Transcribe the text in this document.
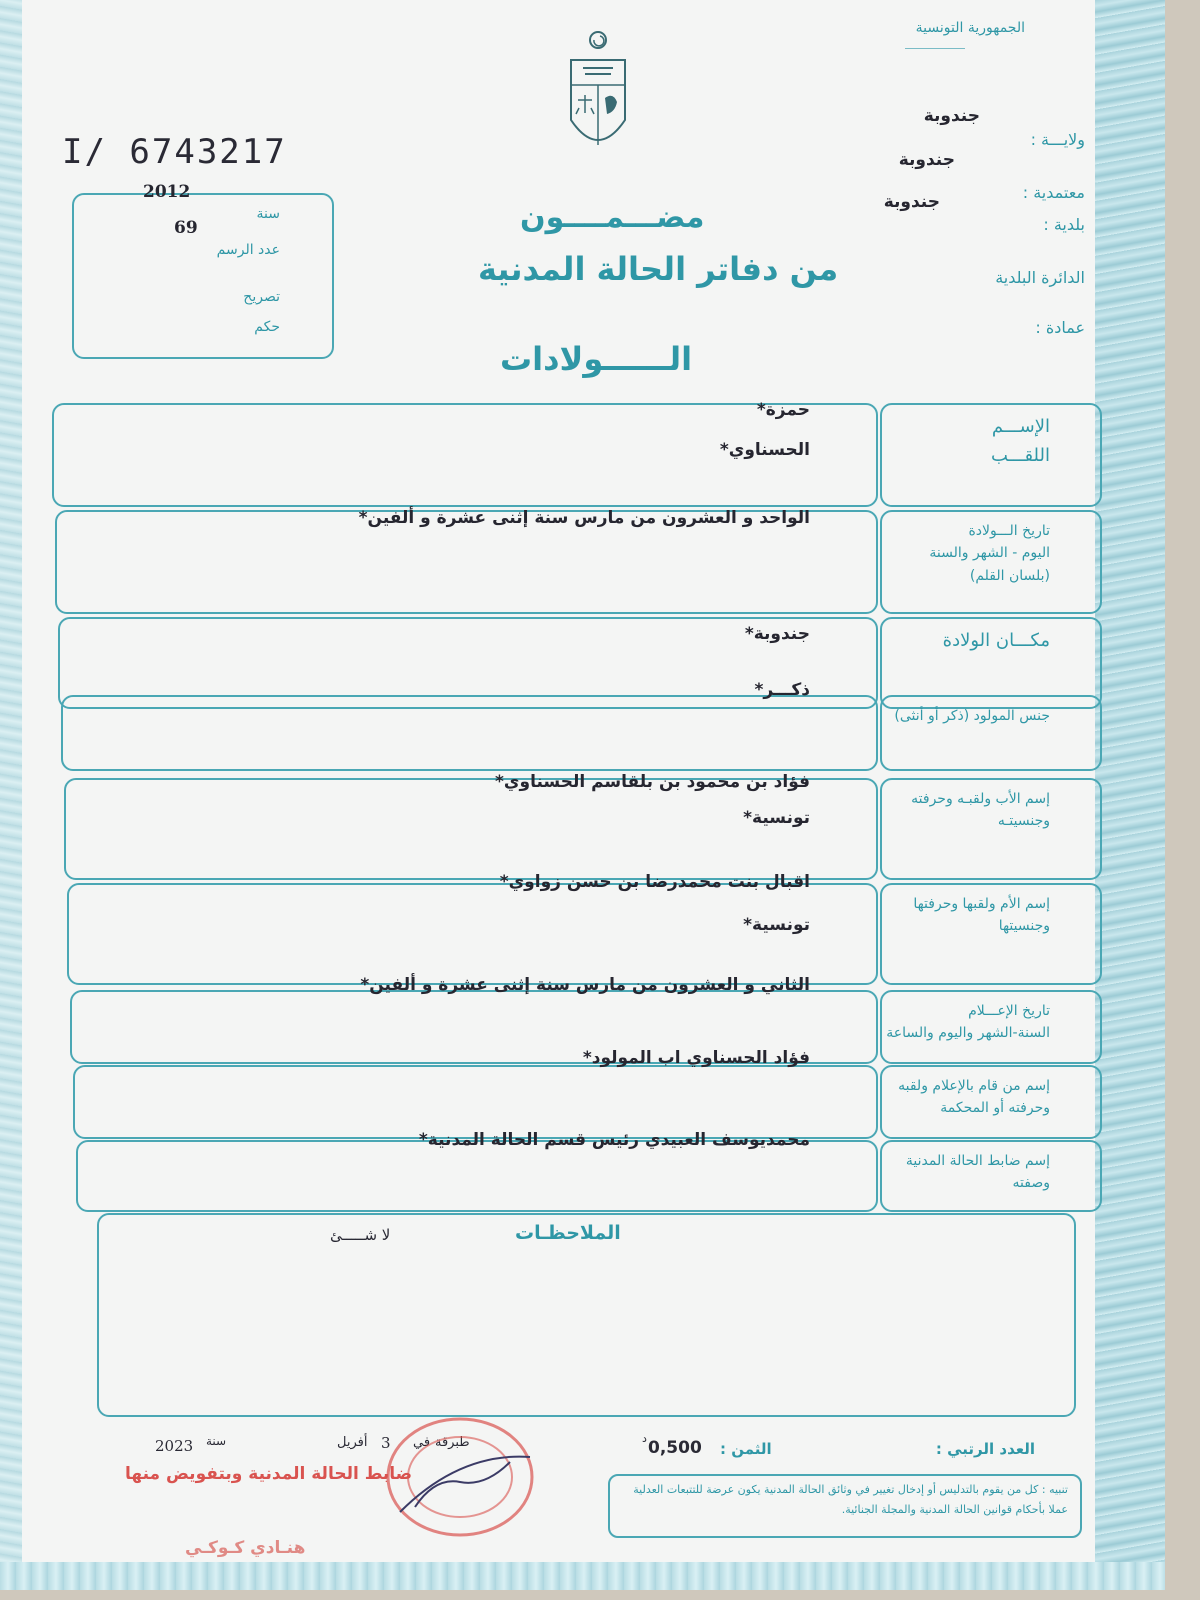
الجمهورية التونسية
ولايـــة :
جندوبة
معتمدية :
جندوبة
بلدية :
جندوبة
الدائرة البلدية
عمادة :
I/ 6743217
2012
69
سنة
عدد الرسم
تصريح
حكم
مضـــمــــون
من دفاتر الحالة المدنية
الــــــولادات
الإســـم
اللقـــب
حمزة*
الحسناوي*
تاريخ الـــولادة
اليوم - الشهر والسنة
(بلسان القلم)
الواحد و العشرون من مارس سنة إثنى عشرة و ألفين*
مكـــان الولادة
جندوبة*
جنس المولود (ذكر أو أنثى)
ذكـــر*
إسم الأب ولقبـه وحرفته
وجنسيتـه
فؤاد بن محمود بن بلقاسم الحسناوي*
تونسية*
إسم الأم ولقبها وحرفتها
وجنسيتها
اقبال بنت محمدرضا بن حسن زواوي*
تونسية*
تاريخ الإعـــلام
السنة-الشهر واليوم والساعة
الثاني و العشرون من مارس سنة إثنى عشرة و ألفين*
إسم من قام بالإعلام ولقبه
وحرفته أو المحكمة
فؤاد الحسناوي اب المولود*
إسم ضابط الحالة المدنية
وصفته
محمديوسف العبيدي رئيس قسم الحالة المدنية*
الملاحظـات
لا شـــــئ
العدد الرتبي :
الثمن :
0,500
د
طبرقة
في
3
أفريل
سنة
2023
ضابط الحالة المدنية وبتفويض منها
هنـادي كـوكـي
تنبيه : كل من يقوم بالتدليس أو إدخال تغيير في وثائق الحالة المدنية يكون عرضة للتتبعات العدلية عملا بأحكام قوانين الحالة المدنية والمجلة الجنائية.
